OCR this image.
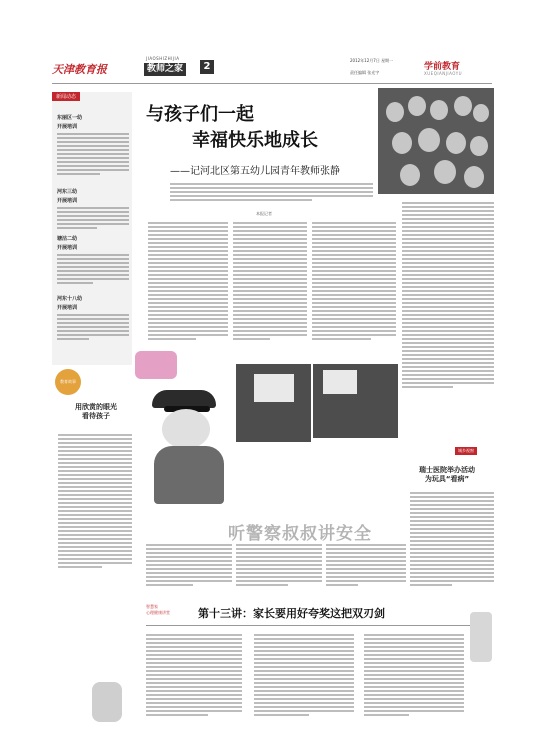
天津教育报
JIAOSHIZHIJIA
教师之家	2
2012年12月7日 星期一
责任编辑 张光宇
学前教育
XUEQIANJIAOYU
新闻动态
东丽区一幼
开展培训
河东三幼
开展培训
塘沽二幼
开展培训
河东十八幼
开展培训
与孩子们一起
幸福快乐地成长
——记河北区第五幼儿园青年教师张静
本报记者
教育故事
用欣赏的眼光
看待孩子
听警察叔叔讲安全
城乡视窗
瑞士医院举办活动
为玩具“看病”
智慧家
心理健康讲堂	第十三讲：家长要用好夸奖这把双刃剑
